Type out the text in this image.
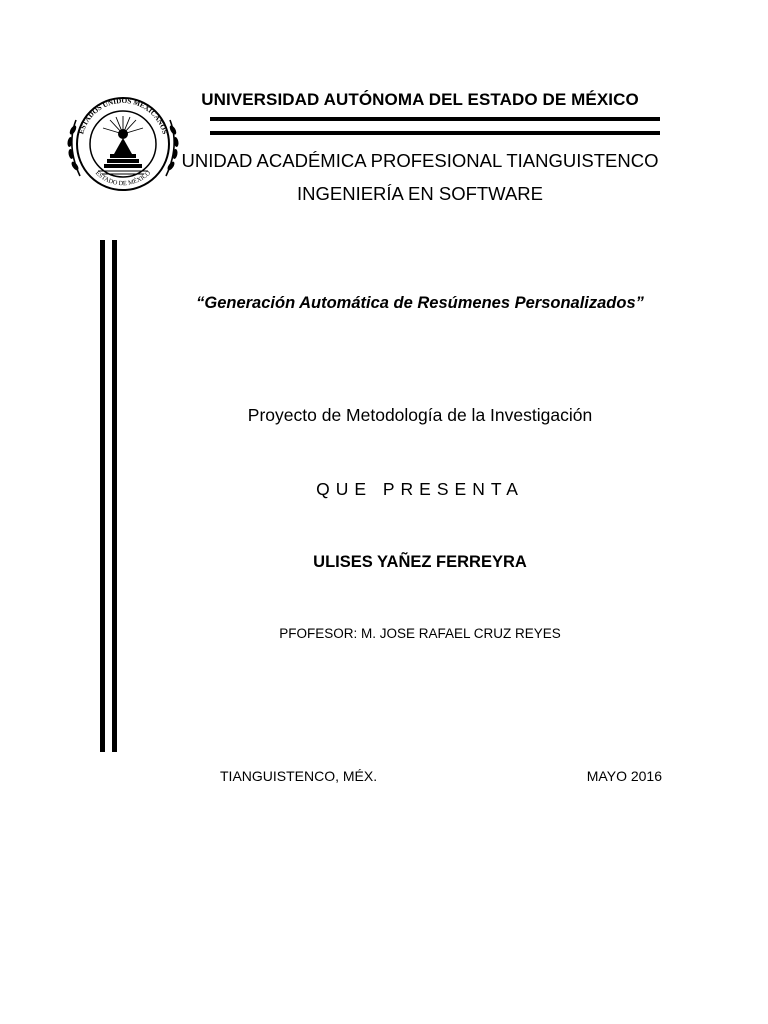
ESTADOS UNIDOS MEXICANOS
ESTADO DE MÉXICO
UNIVERSIDAD AUTÓNOMA DEL ESTADO DE MÉXICO
UNIDAD ACADÉMICA PROFESIONAL TIANGUISTENCO
INGENIERÍA EN SOFTWARE
“Generación Automática de Resúmenes Personalizados”
Proyecto de Metodología de la Investigación
QUE PRESENTA
ULISES YAÑEZ FERREYRA
PFOFESOR: M. JOSE RAFAEL CRUZ REYES
TIANGUISTENCO, MÉX.	MAYO 2016
